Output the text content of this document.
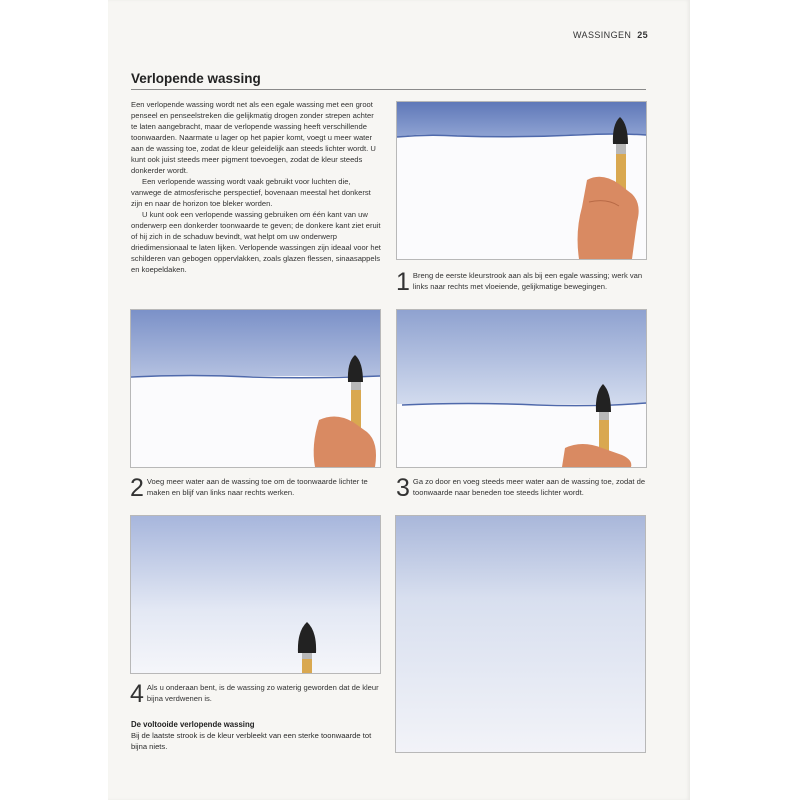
WASSINGEN 25
Verlopende wassing

Een verlopende wassing wordt net als een egale wassing met een groot penseel en penseelstreken die gelijkmatig drogen zonder strepen achter te laten aangebracht, maar de verlopende wassing heeft verschillende toonwaarden. Naarmate u lager op het papier komt, voegt u meer water aan de wassing toe, zodat de kleur geleidelijk aan steeds lichter wordt. U kunt ook juist steeds meer pigment toevoegen, zodat de kleur steeds donkerder wordt.

Een verlopende wassing wordt vaak gebruikt voor luchten die, vanwege de atmosferische perspectief, bovenaan meestal het donkerst zijn en naar de horizon toe bleker worden.

U kunt ook een verlopende wassing gebruiken om één kant van uw onderwerp een donkerder toonwaarde te geven; de donkere kant ziet eruit of hij zich in de schaduw bevindt, wat helpt om uw onderwerp driedimensionaal te laten lijken. Verlopende wassingen zijn ideaal voor het schilderen van gebogen oppervlakken, zoals glazen flessen, sinaasappels en koepeldaken.	1 Breng de eerste kleurstrook aan als bij een egale wassing; werk van links naar rechts met vloeiende, gelijkmatige bewegingen.
2 Voeg meer water aan de wassing toe om de toonwaarde lichter te maken en blijf van links naar rechts werken.	3 Ga zo door en voeg steeds meer water aan de wassing toe, zodat de toonwaarde naar beneden toe steeds lichter wordt.
4 Als u onderaan bent, is de wassing zo waterig geworden dat de kleur bijna verdwenen is.
De voltooide verlopende wassing
Bij de laatste strook is de kleur verbleekt van een sterke toonwaarde tot bijna niets.
